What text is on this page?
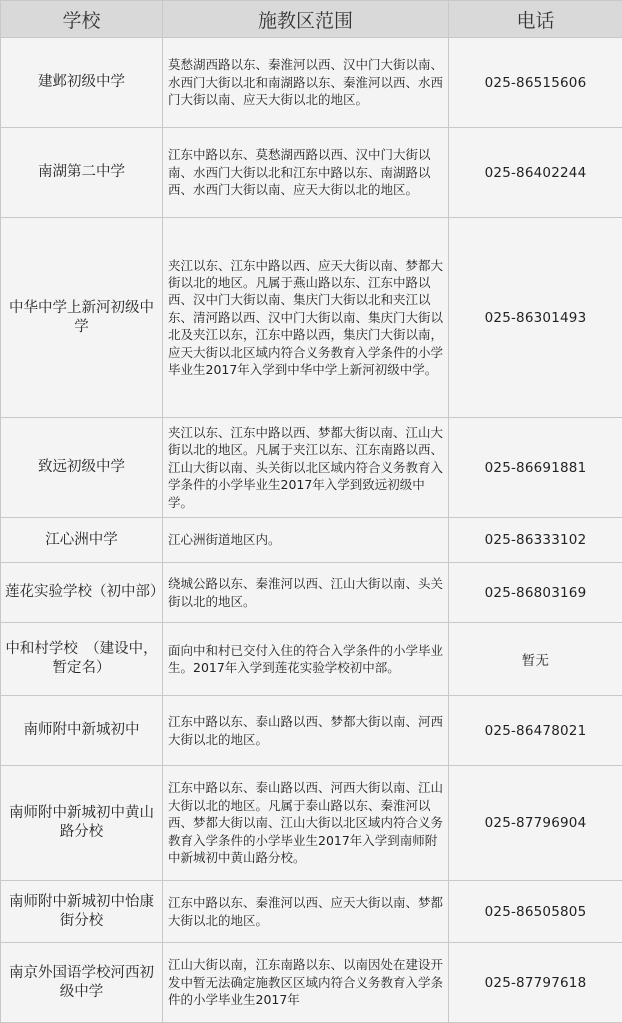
学校	施教区范围	电话
建邺初级中学	莫愁湖西路以东、秦淮河以西、汉中门大街以南、水西门大街以北和南湖路以东、秦淮河以西、水西门大街以南、应天大街以北的地区。	025-86515606
南湖第二中学	江东中路以东、莫愁湖西路以西、汉中门大街以南、水西门大街以北和江东中路以东、南湖路以西、水西门大街以南、应天大街以北的地区。	025-86402244
中华中学上新河初级中学	夹江以东、江东中路以西、应天大街以南、梦都大街以北的地区。凡属于燕山路以东、江东中路以西、汉中门大街以南、集庆门大街以北和夹江以东、清河路以西、汉中门大街以南、集庆门大街以北及夹江以东，江东中路以西，集庆门大街以南，应天大街以北区域内符合义务教育入学条件的小学毕业生2017年入学到中华中学上新河初级中学。	025-86301493
致远初级中学	夹江以东、江东中路以西、梦都大街以南、江山大街以北的地区。凡属于夹江以东、江东南路以西、江山大街以南、头关街以北区域内符合义务教育入学条件的小学毕业生2017年入学到致远初级中学。	025-86691881
江心洲中学	江心洲街道地区内。	025-86333102
莲花实验学校（初中部）	绕城公路以东、秦淮河以西、江山大街以南、头关街以北的地区。	025-86803169
中和村学校　（建设中，暂定名）	面向中和村已交付入住的符合入学条件的小学毕业生。2017年入学到莲花实验学校初中部。	暂无
南师附中新城初中	江东中路以东、泰山路以西、梦都大街以南、河西大街以北的地区。	025-86478021
南师附中新城初中黄山路分校	江东中路以东、泰山路以西、河西大街以南、江山大街以北的地区。凡属于泰山路以东、秦淮河以西、梦都大街以南、江山大街以北区域内符合义务教育入学条件的小学毕业生2017年入学到南师附中新城初中黄山路分校。	025-87796904
南师附中新城初中怡康街分校	江东中路以东、秦淮河以西、应天大街以南、梦都大街以北的地区。	025-86505805
南京外国语学校河西初级中学	江山大街以南，江东南路以东、以南因处在建设开发中暂无法确定施教区区域内符合义务教育入学条件的小学毕业生2017年	025-87797618
